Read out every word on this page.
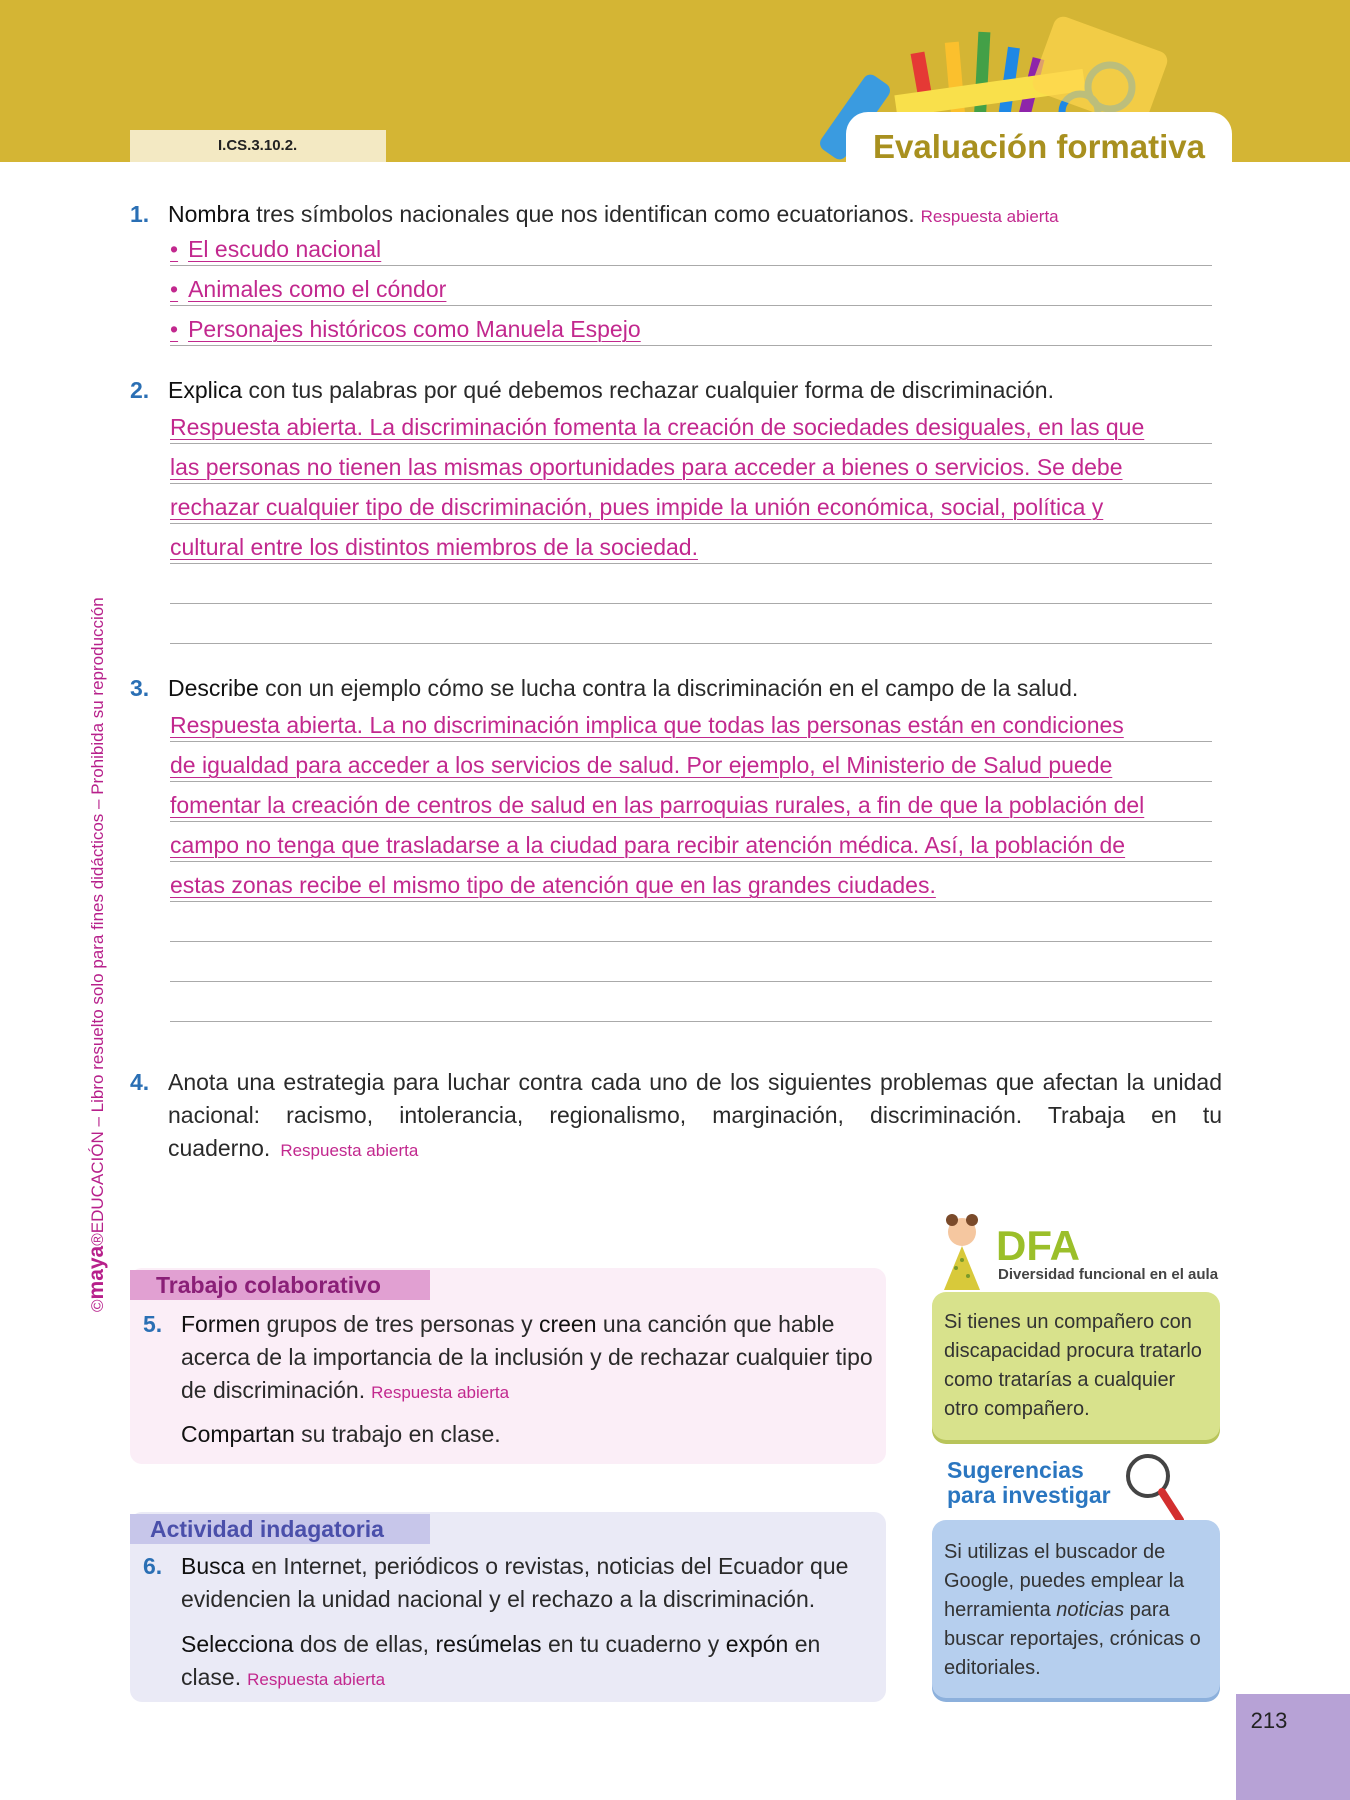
I.CS.3.10.2.	Evaluación formativa
©maya®EDUCACIÓN – Libro resuelto solo para fines didácticos – Prohibida su reproducción
1. Nombra tres símbolos nacionales que nos identifican como ecuatorianos. Respuesta abierta
• El escudo nacional
• Animales como el cóndor
• Personajes históricos como Manuela Espejo
2. Explica con tus palabras por qué debemos rechazar cualquier forma de discriminación.
Respuesta abierta. La discriminación fomenta la creación de sociedades desiguales, en las que
las personas no tienen las mismas oportunidades para acceder a bienes o servicios. Se debe
rechazar cualquier tipo de discriminación, pues impide la unión económica, social, política y
cultural entre los distintos miembros de la sociedad.
3. Describe con un ejemplo cómo se lucha contra la discriminación en el campo de la salud.
Respuesta abierta. La no discriminación implica que todas las personas están en condiciones
de igualdad para acceder a los servicios de salud. Por ejemplo, el Ministerio de Salud puede
fomentar la creación de centros de salud en las parroquias rurales, a fin de que la población del
campo no tenga que trasladarse a la ciudad para recibir atención médica. Así, la población de
estas zonas recibe el mismo tipo de atención que en las grandes ciudades.
4. Anota una estrategia para luchar contra cada uno de los siguientes problemas que afectan la unidad nacional: racismo, intolerancia, regionalismo, marginación, discriminación. Trabaja en tu cuaderno. Respuesta abierta
Trabajo colaborativo
5. Formen grupos de tres personas y creen una canción que hable acerca de la importancia de la inclusión y de rechazar cualquier tipo de discriminación. Respuesta abierta
Compartan su trabajo en clase.
Actividad indagatoria
6. Busca en Internet, periódicos o revistas, noticias del Ecuador que evidencien la unidad nacional y el rechazo a la discriminación.
Selecciona dos de ellas, resúmelas en tu cuaderno y expón en clase. Respuesta abierta
DFA
Diversidad funcional en el aula
Si tienes un compañero con discapacidad procura tratarlo como tratarías a cualquier otro compañero.
Sugerencias
para investigar
Si utilizas el buscador de Google, puedes emplear la herramienta noticias para buscar reportajes, crónicas o editoriales.
213
